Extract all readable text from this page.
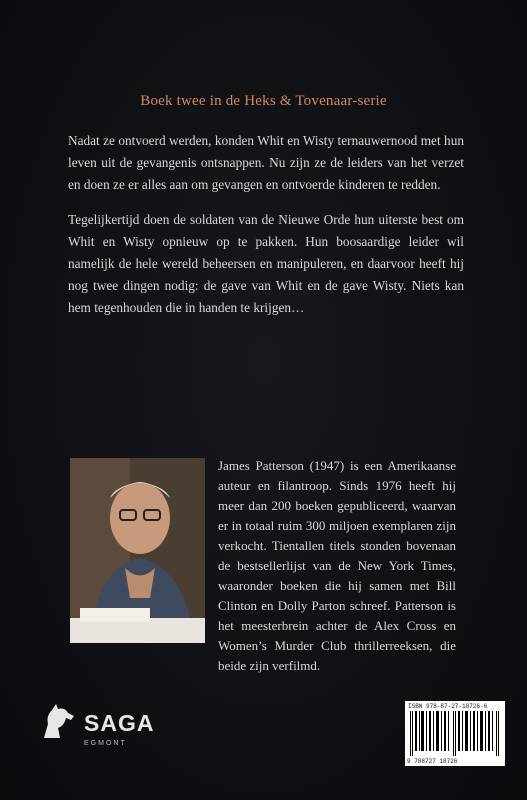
Boek twee in de Heks & Tovenaar-serie
Nadat ze ontvoerd werden, konden Whit en Wisty ternauwernood met hun leven uit de gevangenis ontsnappen. Nu zijn ze de leiders van het verzet en doen ze er alles aan om gevangen en ontvoerde kinderen te redden.
Tegelijkertijd doen de soldaten van de Nieuwe Orde hun uiterste best om Whit en Wisty opnieuw op te pakken. Hun boosaardige leider wil namelijk de hele wereld beheersen en manipuleren, en daarvoor heeft hij nog twee dingen nodig: de gave van Whit en de gave Wisty. Niets kan hem tegenhouden die in handen te krijgen…
James Patterson (1947) is een Amerikaanse auteur en filantroop. Sinds 1976 heeft hij meer dan 200 boeken gepubliceerd, waarvan er in totaal ruim 300 miljoen exemplaren zijn verkocht. Tientallen titels stonden bovenaan de bestsellerlijst van de New York Times, waaronder boeken die hij samen met Bill Clinton en Dolly Parton schreef. Patterson is het meesterbrein achter de Alex Cross en Women’s Murder Club thrillerreeksen, die beide zijn verfilmd.
SAGA
EGMONT
ISBN 978-87-27-18726-6
9 788727 18726
